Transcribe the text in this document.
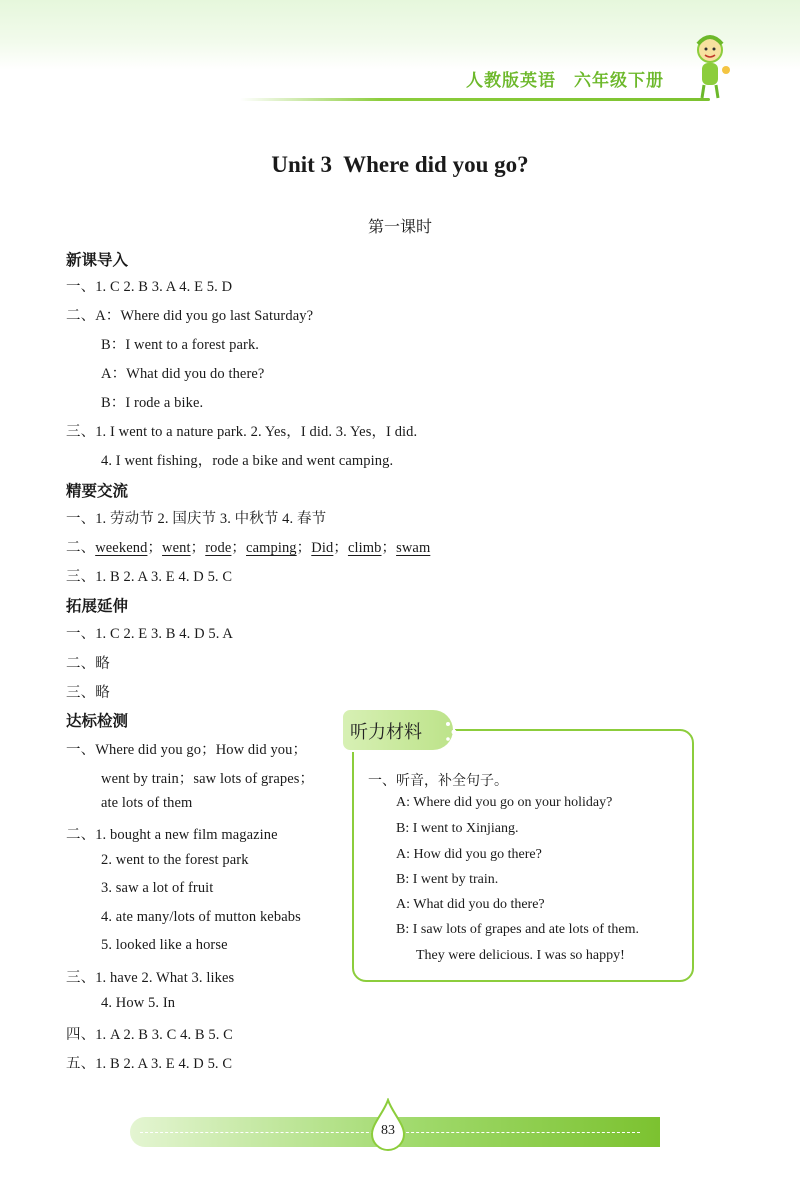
人教版英语 六年级下册
Unit 3  Where did you go?
第一课时
新课导入
一、1. C 2. B 3. A 4. E 5. D
二、A：Where did you go last Saturday?
B：I went to a forest park.
A：What did you do there?
B：I rode a bike.
三、1. I went to a nature park. 2. Yes，I did. 3. Yes，I did.
4. I went fishing，rode a bike and went camping.
精要交流
一、1. 劳动节 2. 国庆节 3. 中秋节 4. 春节
二、weekend；went；rode；camping；Did；climb；swam
三、1. B 2. A 3. E 4. D 5. C
拓展延伸
一、1. C 2. E 3. B 4. D 5. A
二、略
三、略
达标检测
一、Where did you go；How did you；
went by train；saw lots of grapes；
ate lots of them
二、1. bought a new film magazine
2. went to the forest park
3. saw a lot of fruit
4. ate many/lots of mutton kebabs
5. looked like a horse
三、1. have 2. What 3. likes
4. How 5. In
四、1. A 2. B 3. C 4. B 5. C
五、1. B 2. A 3. E 4. D 5. C
听力材料
一、听音，补全句子。
A: Where did you go on your holiday?
B: I went to Xinjiang.
A: How did you go there?
B: I went by train.
A: What did you do there?
B: I saw lots of grapes and ate lots of them.
They were delicious. I was so happy!
83
